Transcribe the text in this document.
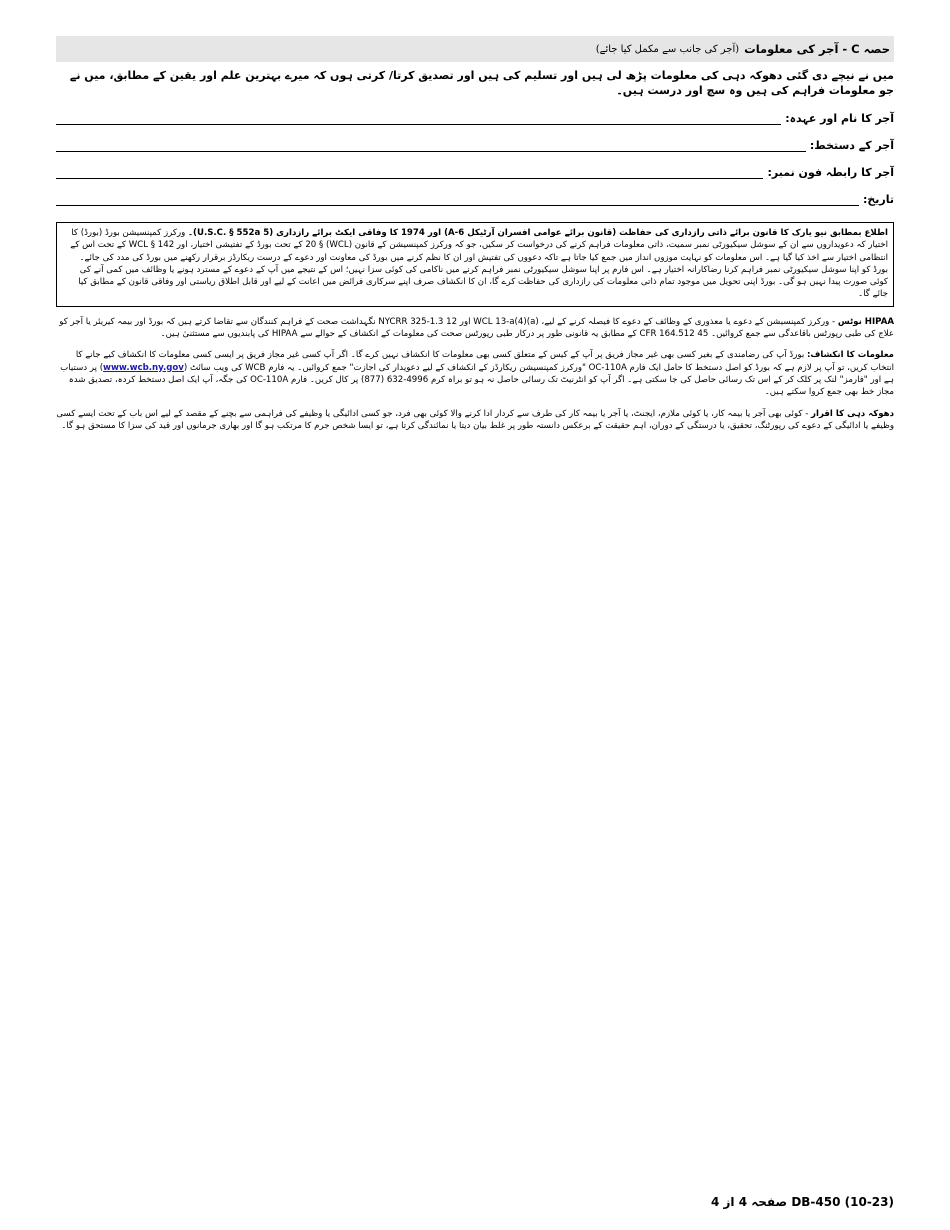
حصہ C - آجر کی معلومات
(آجر کی جانب سے مکمل کیا جائے)
میں نے نیچے دی گئی دھوکہ دہی کی معلومات پڑھ لی ہیں اور تسلیم کی ہیں اور تصدیق کرتا/ کرتی ہوں کہ میرے بہترین علم اور یقین کے مطابق، میں نے جو معلومات فراہم کی ہیں وہ سچ اور درست ہیں۔
آجر کا نام اور عہدہ:
آجر کے دستخط:
آجر کا رابطہ فون نمبر:
تاریخ:
اطلاع بمطابق نیو یارک کا قانون برائے ذاتی رازداری کی حفاظت (قانون برائے عوامی افسران آرٹیکل A-6) اور 1974 کا وفاقی ایکٹ برائے رازداری (5 U.S.C. § 552a)۔ ورکرز کمپنسیشن بورڈ (بورڈ) کا اختیار کہ دعویداروں سے ان کے سوشل سیکیورٹی نمبر سمیت، ذاتی معلومات فراہم کرنے کی درخواست کر سکیں، جو کہ ورکرز کمپنسیشن کے قانون (WCL) § 20 کے تحت بورڈ کے تفتیشی اختیار، اور WCL § 142 کے تحت اس کے انتظامی اختیار سے اخذ کیا گیا ہے۔ اس معلومات کو نہایت موزوں انداز میں جمع کیا جاتا ہے تاکہ دعووں کی تفتیش اور ان کا نظم کرنے میں بورڈ کی معاونت اور دعوے کے درست ریکارڈز برقرار رکھنے میں بورڈ کی مدد کی جائے۔ بورڈ کو اپنا سوشل سیکیورٹی نمبر فراہم کرنا رضاکارانہ اختیار ہے۔ اس فارم پر اپنا سوشل سیکیورٹی نمبر فراہم کرنے میں ناکامی کی کوئی سزا نہیں؛ اس کے نتیجے میں آپ کے دعوے کے مسترد ہونے یا وظائف میں کمی آنے کی کوئی صورت پیدا نہیں ہو گی۔ بورڈ اپنی تحویل میں موجود تمام ذاتی معلومات کی رازداری کی حفاظت کرے گا، ان کا انکشاف صرف اپنے سرکاری فرائض میں اعانت کے لیے اور قابل اطلاق ریاستی اور وفاقی قانون کے مطابق کیا جائے گا۔
HIPAA نوٹس - ورکرز کمپنسیشن کے دعوے یا معذوری کے وظائف کے دعوے کا فیصلہ کرنے کے لیے، WCL 13-a(4)(a) اور 12 NYCRR 325-1.3 نگہداشت صحت کے فراہم کنندگان سے تقاضا کرتے ہیں کہ بورڈ اور بیمہ کیریئر یا آجر کو علاج کی طبی رپورٹس باقاعدگی سے جمع کروائیں۔ 45 CFR 164.512 کے مطابق یہ قانونی طور پر درکار طبی رپورٹس صحت کی معلومات کے انکشاف کے حوالے سے HIPAA کی پابندیوں سے مستثنیٰ ہیں۔
معلومات کا انکشاف: بورڈ آپ کی رضامندی کے بغیر کسی بھی غیر مجاز فریق پر آپ کے کیس کے متعلق کسی بھی معلومات کا انکشاف نہیں کرے گا۔ اگر آپ کسی غیر مجاز فریق پر ایسی کسی معلومات کا انکشاف کیے جانے کا انتخاب کریں، تو آپ پر لازم ہے کہ بورڈ کو اصل دستخط کا حامل ایک فارم OC-110A "ورکرز کمپنسیشن ریکارڈز کے انکشاف کے لیے دعویدار کی اجازت" جمع کروائیں۔ یہ فارم WCB کی ویب سائٹ (www.wcb.ny.gov) پر دستیاب ہے اور "فارمز" لنک پر کلک کر کے اس تک رسائی حاصل کی جا سکتی ہے۔ اگر آپ کو انٹرنیٹ تک رسائی حاصل نہ ہو تو براہ کرم 4996-632 (877) پر کال کریں۔ فارم OC-110A کی جگہ، آپ ایک اصل دستخط کردہ، تصدیق شدہ مجاز خط بھی جمع کروا سکتے ہیں۔
دھوکہ دہی کا اقرار - کوئی بھی آجر یا بیمہ کار، یا کوئی ملازم، ایجنٹ، یا آجر یا بیمہ کار کی طرف سے کردار ادا کرنے والا کوئی بھی فرد، جو کسی ادائیگی یا وظیفے کی فراہمی سے بچنے کے مقصد کے لیے اس باب کے تحت ایسے کسی وظیفے یا ادائیگی کے دعوے کی رپورٹنگ، تحقیق، یا درستگی کے دوران، اہم حقیقت کے برعکس دانستہ طور پر غلط بیان دیتا یا نمائندگی کرتا ہے، تو ایسا شخص جرم کا مرتکب ہو گا اور بھاری جرمانوں اور قید کی سزا کا مستحق ہو گا۔
DB-450 (10-23) صفحہ 4 از 4
